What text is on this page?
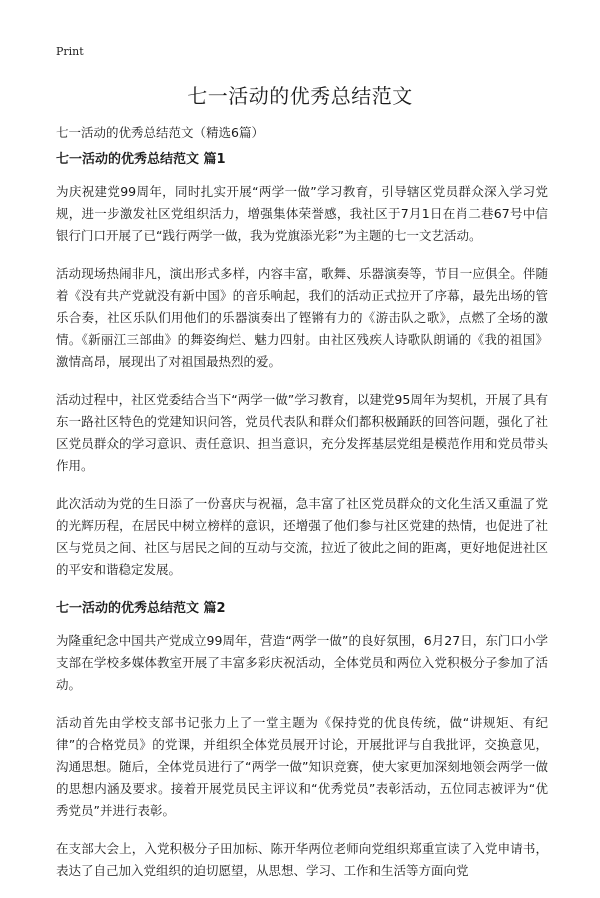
Print
七一活动的优秀总结范文
七一活动的优秀总结范文（精选6篇）
七一活动的优秀总结范文 篇1

为庆祝建党99周年，同时扎实开展“两学一做”学习教育，引导辖区党员群众深入学习党规，进一步激发社区党组织活力，增强集体荣誉感，我社区于7月1日在肖二巷67号中信银行门口开展了已“践行两学一做，我为党旗添光彩”为主题的七一文艺活动。

活动现场热闹非凡，演出形式多样，内容丰富，歌舞、乐器演奏等，节目一应俱全。伴随着《没有共产党就没有新中国》的音乐响起，我们的活动正式拉开了序幕，最先出场的管乐合奏，社区乐队们用他们的乐器演奏出了铿锵有力的《游击队之歌》，点燃了全场的激情。《新丽江三部曲》的舞姿绚烂、魅力四射。由社区残疾人诗歌队朗诵的《我的祖国》激情高昂，展现出了对祖国最热烈的爱。

活动过程中，社区党委结合当下“两学一做”学习教育，以建党95周年为契机，开展了具有东一路社区特色的党建知识问答，党员代表队和群众们都积极踊跃的回答问题，强化了社区党员群众的学习意识、责任意识、担当意识，充分发挥基层党组是模范作用和党员带头作用。

此次活动为党的生日添了一份喜庆与祝福，急丰富了社区党员群众的文化生活又重温了党的光辉历程，在居民中树立榜样的意识，还增强了他们参与社区党建的热情，也促进了社区与党员之间、社区与居民之间的互动与交流，拉近了彼此之间的距离，更好地促进社区的平安和谐稳定发展。

七一活动的优秀总结范文 篇2

为隆重纪念中国共产党成立99周年，营造“两学一做”的良好氛围，6月27日，东门口小学支部在学校多媒体教室开展了丰富多彩庆祝活动，全体党员和两位入党积极分子参加了活动。

活动首先由学校支部书记张力上了一堂主题为《保持党的优良传统，做“讲规矩、有纪律”的合格党员》的党课，并组织全体党员展开讨论，开展批评与自我批评，交换意见，沟通思想。随后，全体党员进行了“两学一做”知识竞赛，使大家更加深刻地领会两学一做的思想内涵及要求。接着开展党员民主评议和“优秀党员”表彰活动，五位同志被评为“优秀党员”并进行表彰。

在支部大会上，入党积极分子田加标、陈开华两位老师向党组织郑重宣读了入党申请书，表达了自己加入党组织的迫切愿望，从思想、学习、工作和生活等方面向党
